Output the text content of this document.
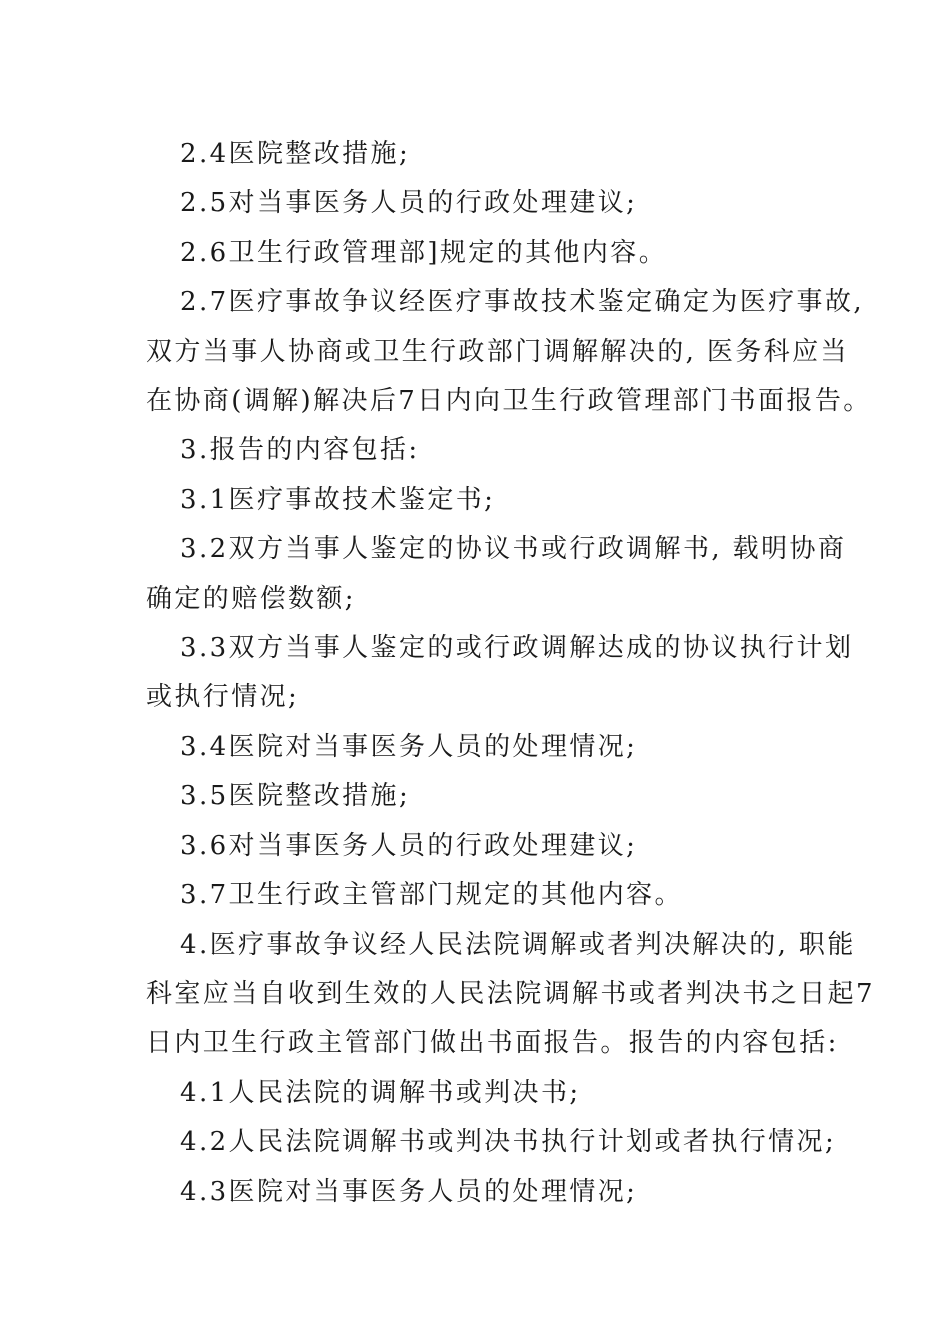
2.4医院整改措施;

2.5对当事医务人员的行政处理建议;

2.6卫生行政管理部]规定的其他内容。

2.7医疗事故争议经医疗事故技术鉴定确定为医疗事故,
双方当事人协商或卫生行政部门调解解决的, 医务科应当
在协商(调解)解决后7日内向卫生行政管理部门书面报告。

3.报告的内容包括:

3.1医疗事故技术鉴定书;

3.2双方当事人鉴定的协议书或行政调解书, 载明协商
确定的赔偿数额;

3.3双方当事人鉴定的或行政调解达成的协议执行计划
或执行情况;

3.4医院对当事医务人员的处理情况;

3.5医院整改措施;

3.6对当事医务人员的行政处理建议;

3.7卫生行政主管部门规定的其他内容。

4.医疗事故争议经人民法院调解或者判决解决的, 职能
科室应当自收到生效的人民法院调解书或者判决书之日起7
日内卫生行政主管部门做出书面报告。报告的内容包括:

4.1人民法院的调解书或判决书;

4.2人民法院调解书或判决书执行计划或者执行情况;

4.3医院对当事医务人员的处理情况;
